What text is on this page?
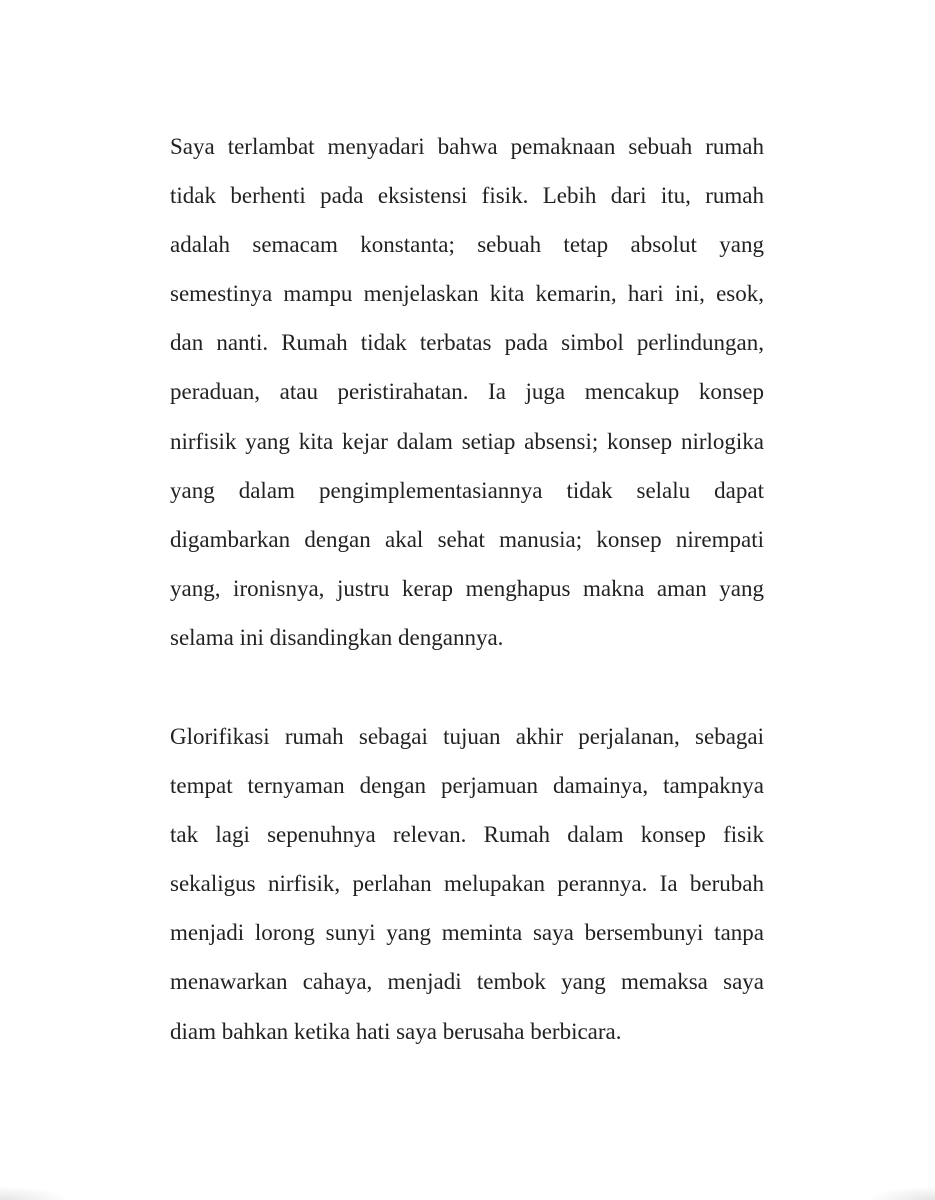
Saya terlambat menyadari bahwa pemaknaan sebuah rumah
tidak berhenti pada eksistensi fisik. Lebih dari itu, rumah
adalah semacam konstanta; sebuah tetap absolut yang
semestinya mampu menjelaskan kita kemarin, hari ini, esok,
dan nanti. Rumah tidak terbatas pada simbol perlindungan,
peraduan, atau peristirahatan. Ia juga mencakup konsep
nirfisik yang kita kejar dalam setiap absensi; konsep nirlogika
yang dalam pengimplementasiannya tidak selalu dapat
digambarkan dengan akal sehat manusia; konsep nirempati
yang, ironisnya, justru kerap menghapus makna aman yang
selama ini disandingkan dengannya.
Glorifikasi rumah sebagai tujuan akhir perjalanan, sebagai
tempat ternyaman dengan perjamuan damainya, tampaknya
tak lagi sepenuhnya relevan. Rumah dalam konsep fisik
sekaligus nirfisik, perlahan melupakan perannya. Ia berubah
menjadi lorong sunyi yang meminta saya bersembunyi tanpa
menawarkan cahaya, menjadi tembok yang memaksa saya
diam bahkan ketika hati saya berusaha berbicara.
